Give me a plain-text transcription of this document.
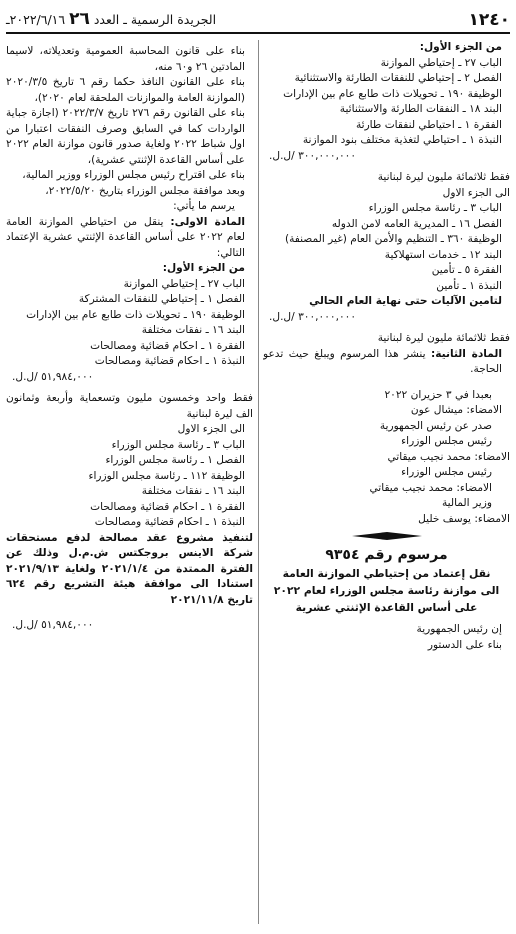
١٢٤٠
الجريدة الرسمية ـ العدد ٢٦ ٢٠٢٢/٦/١٦ـ
من الجزء الأول:
الباب ٢٧ ـ إحتياطي الموازنة
الفصل ٢ ـ إحتياطي للنفقات الطارئة والاستثنائية
الوظيفة ١٩٠ ـ تحويلات ذات طابع عام بين الإدارات
البند ١٨ ـ النفقات الطارئة والاستثنائية
الفقرة ١ ـ احتياطي لنفقات طارئة
النبذة ١ ـ احتياطي لتغذية مختلف بنود الموازنة
٣٠٠,٠٠٠,٠٠٠ /ل.ل.
فقط ثلاثمائة مليون ليرة لبنانية
الى الجزء الاول
الباب ٣ ـ رئاسة مجلس الوزراء
الفصل ١٦ ـ المديرية العامه لامن الدوله
الوظيفة ٣٦٠ ـ التنظيم والأمن العام (غير المصنفة)
البند ١٢ ـ خدمات استهلاكية
الفقرة ٥ ـ تأمين
النبذة ١ ـ تأمين
لتامين الآليات حتى نهاية العام الحالي
٣٠٠,٠٠٠,٠٠٠ /ل.ل.
فقط ثلاثمائة مليون ليرة لبنانية
المادة الثانية: ينشر هذا المرسوم ويبلغ حيث تدعو الحاجة.
بعبدا في ٣ حزيران ٢٠٢٢
الامضاء: ميشال عون
صدر عن رئيس الجمهورية
رئيس مجلس الوزراء
الامضاء: محمد نجيب ميقاتي
رئيس مجلس الوزراء
الامضاء: محمد نجيب ميقاتي
وزير المالية
الامضاء: يوسف خليل
مرسوم رقم ٩٣٥٤
نقل إعتماد من إحتياطي الموازنة العامة
الى موازنة رئاسة مجلس الوزراء لعام ٢٠٢٢
على أساس القاعدة الإثنتي عشرية
إن رئيس الجمهورية
بناء على الدستور
بناء على قانون المحاسبة العمومية وتعديلاته، لاسيما المادتين ٢٦ و٦٠ منه،
بناء على القانون النافذ حكما رقم ٦ تاريخ ٢٠٢٠/٣/٥ (الموازنة العامة والموازنات الملحقة لعام ٢٠٢٠)،
بناء على القانون رقم ٢٧٦ تاريخ ٢٠٢٢/٣/٧ (اجازة جباية الواردات كما في السابق وصرف النفقات اعتبارا من اول شباط ٢٠٢٢ ولغاية صدور قانون موازنة العام ٢٠٢٢ على أساس القاعدة الإثنتي عشرية)،
بناء على اقتراح رئيس مجلس الوزراء ووزير المالية،
وبعد موافقة مجلس الوزراء بتاريخ ٢٠٢٢/٥/٢٠،
يرسم ما يأتي:
المادة الاولى: ينقل من احتياطي الموازنة العامة لعام ٢٠٢٢ على أساس القاعدة الإثنتي عشرية الإعتماد التالي:
من الجزء الأول:
الباب ٢٧ ـ إحتياطي الموازنة
الفصل ١ ـ إحتياطي للنفقات المشتركة
الوظيفة ١٩٠ ـ تحويلات ذات طابع عام بين الإدارات
البند ١٦ ـ نفقات مختلفة
الفقرة ١ ـ احكام قضائية ومصالحات
النبذة ١ ـ احكام قضائية ومصالحات
٥١,٩٨٤,٠٠٠ /ل.ل.
فقط واحد وخمسون مليون وتسعماية وأربعة وثمانون الف ليرة لبنانية
الى الجزء الاول
الباب ٣ ـ رئاسة مجلس الوزراء
الفصل ١ ـ رئاسة مجلس الوزراء
الوظيفة ١١٢ ـ رئاسة مجلس الوزراء
البند ١٦ ـ نفقات مختلفة
الفقرة ١ ـ احكام قضائية ومصالحات
النبذة ١ ـ احكام قضائية ومصالحات
لتنفيذ مشروع عقد مصالحة لدفع مستحقات شركة الاينس بروجكتس ش.م.ل وذلك عن الفترة الممتدة من ٢٠٢١/١/٤ ولغاية ٢٠٢١/٩/١٣ استنادا الى موافقة هيئة التشريع رقم ٦٢٤ تاريخ ٢٠٢١/١١/٨
٥١,٩٨٤,٠٠٠ /ل.ل.
